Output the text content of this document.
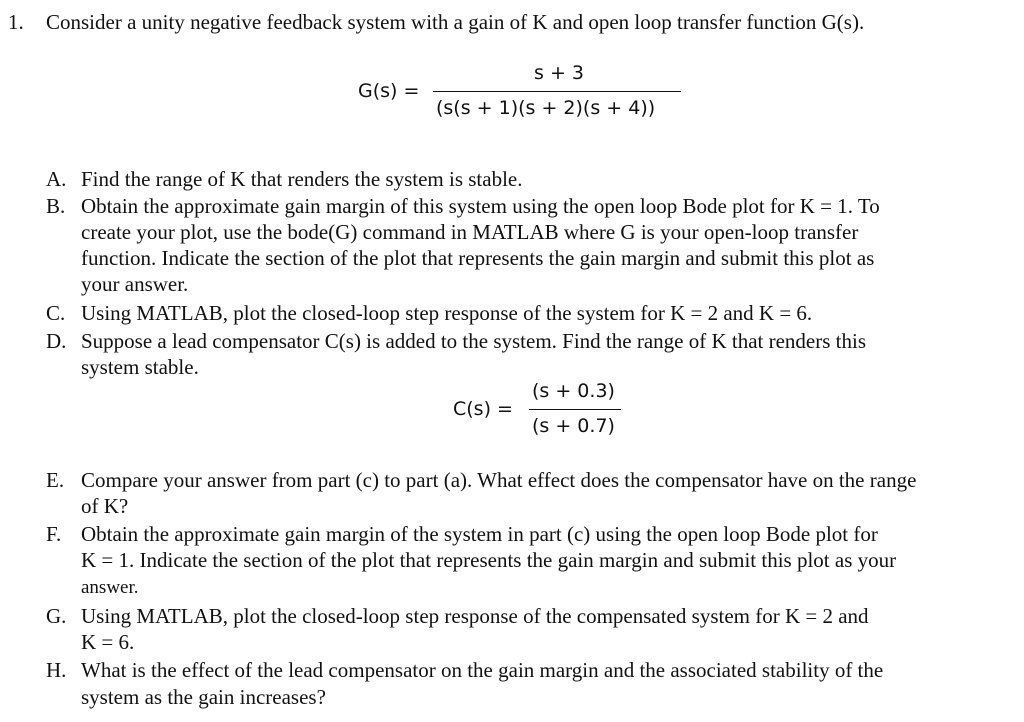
1. Consider a unity negative feedback system with a gain of K and open loop transfer function G(s).
G(s) =
s + 3
(s(s + 1)(s + 2)(s + 4))
A. Find the range of K that renders the system is stable.
B. Obtain the approximate gain margin of this system using the open loop Bode plot for K = 1. To
create your plot, use the bode(G) command in MATLAB where G is your open-loop transfer
function. Indicate the section of the plot that represents the gain margin and submit this plot as
your answer.
C. Using MATLAB, plot the closed-loop step response of the system for K = 2 and K = 6.
D. Suppose a lead compensator C(s) is added to the system. Find the range of K that renders this
system stable.
C(s) =
(s + 0.3)
(s + 0.7)
E. Compare your answer from part (c) to part (a). What effect does the compensator have on the range
of K?
F. Obtain the approximate gain margin of the system in part (c) using the open loop Bode plot for
K = 1. Indicate the section of the plot that represents the gain margin and submit this plot as your
answer.
G. Using MATLAB, plot the closed-loop step response of the compensated system for K = 2 and
K = 6.
H. What is the effect of the lead compensator on the gain margin and the associated stability of the
system as the gain increases?
